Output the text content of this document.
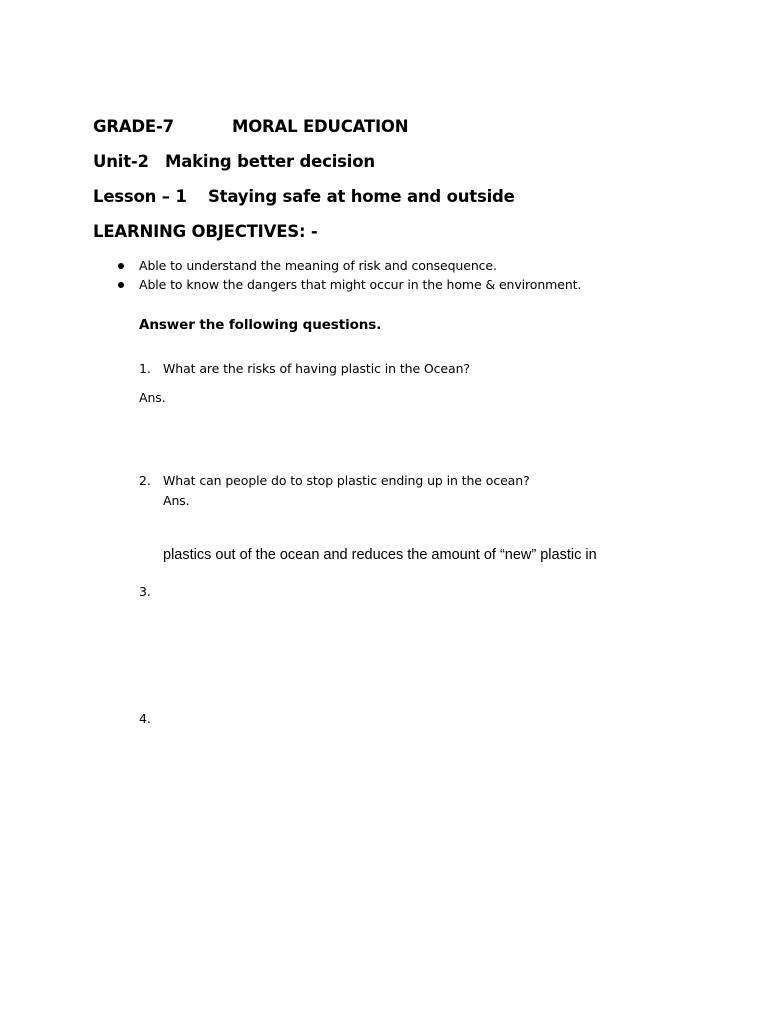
GRADE-7	MORAL EDUCATION
Unit-2 Making better decision
Lesson – 1 Staying safe at home and outside
LEARNING OBJECTIVES: -
Able to understand the meaning of risk and consequence.
Able to know the dangers that might occur in the home & environment.
Answer the following questions.
1. What are the risks of having plastic in the Ocean?
Ans.
2. What can people do to stop plastic ending up in the ocean?
Ans.
plastics out of the ocean and reduces the amount of “new” plastic in
3.
4.
